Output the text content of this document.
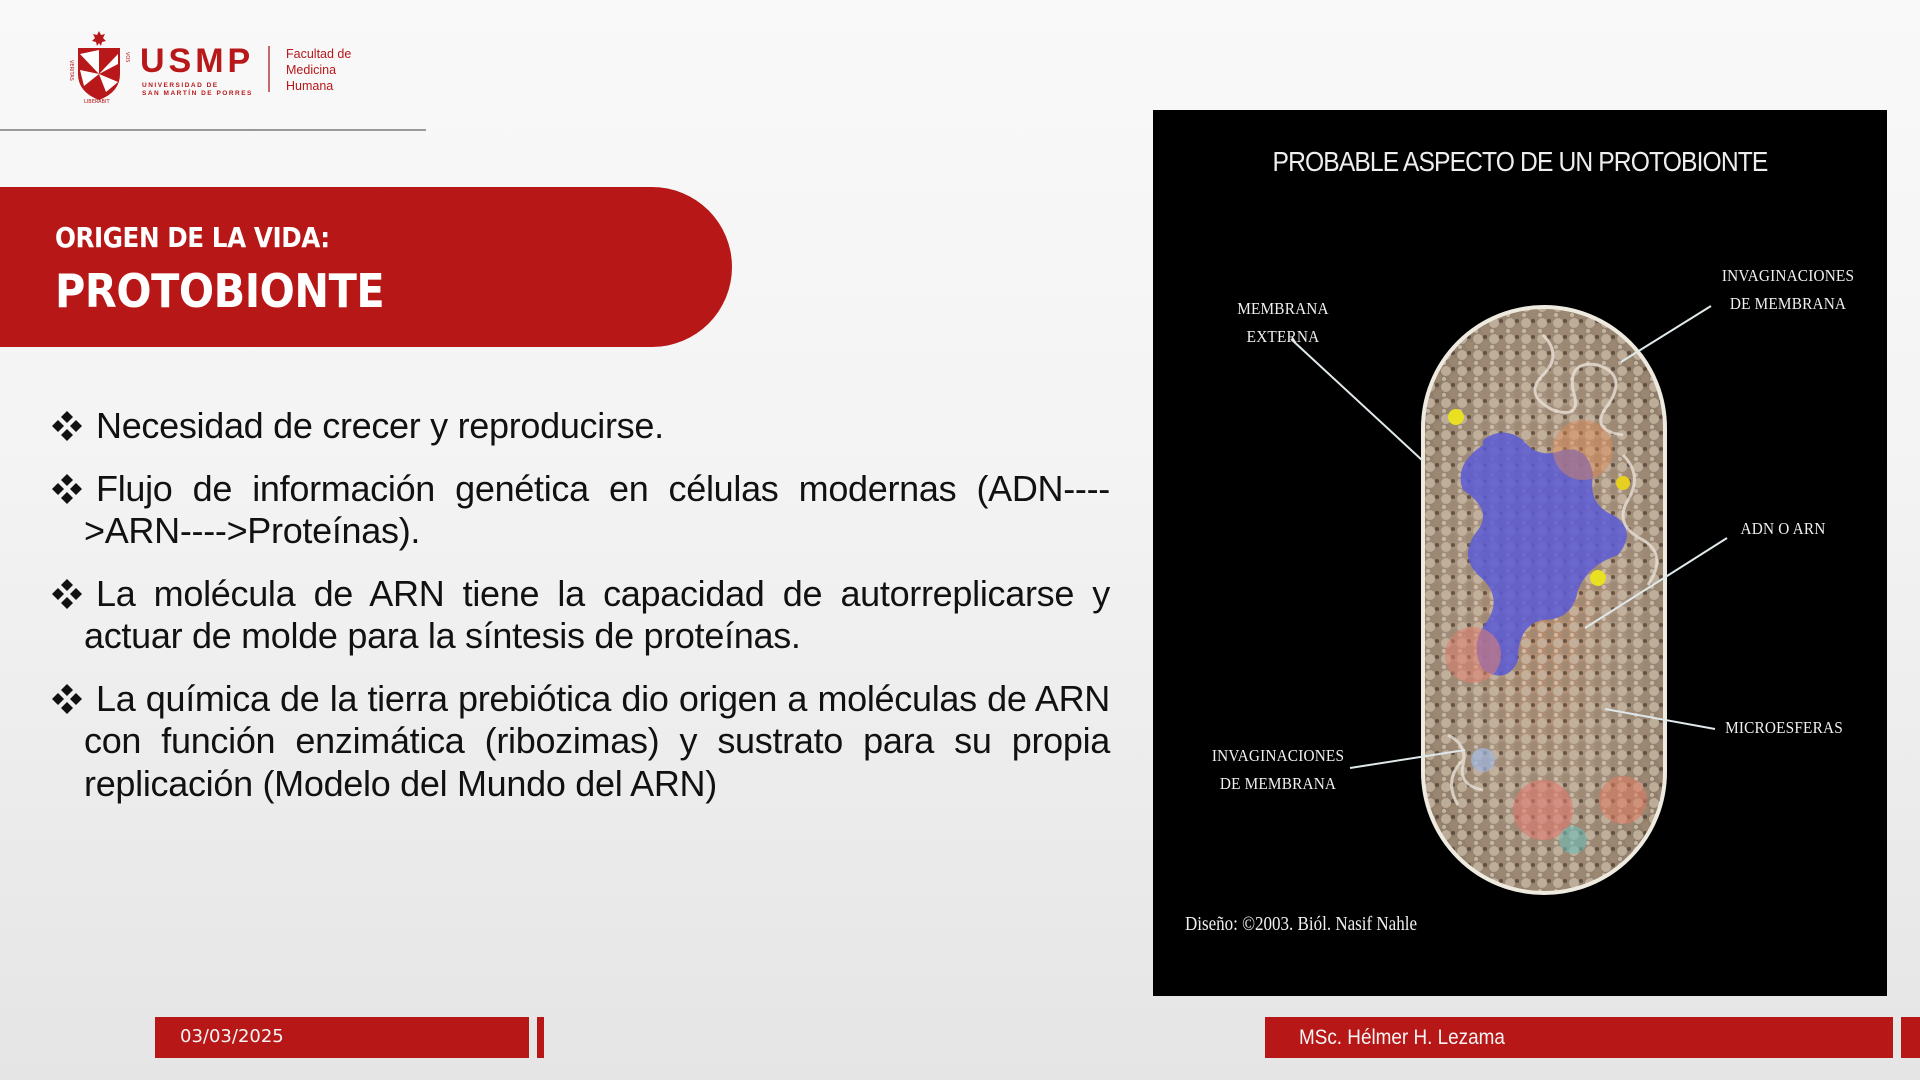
VERITAS
VOS
LIBERABIT
USMP
UNIVERSIDAD DE
SAN MARTÍN DE PORRES
Facultad de
Medicina
Humana
ORIGEN DE LA VIDA:
PROTOBIONTE
Necesidad de crecer y reproducirse.
Flujo de información genética en células modernas (ADN---->ARN---->Proteínas).
La molécula de ARN tiene la capacidad de autorreplicarse y actuar de molde para la síntesis de proteínas.
La química de la tierra prebiótica dio origen a moléculas de ARN con función enzimática (ribozimas) y sustrato para su propia replicación (Modelo del Mundo del ARN)
PROBABLE ASPECTO DE UN PROTOBIONTE
MEMBRANA EXTERNA
INVAGINACIONES
DE MEMBRANA
ADN O ARN
MICROESFERAS
INVAGINACIONES
DE MEMBRANA
Diseño: ©2003. Biól. Nasif Nahle
03/03/2025	MSc. Hélmer H. Lezama
